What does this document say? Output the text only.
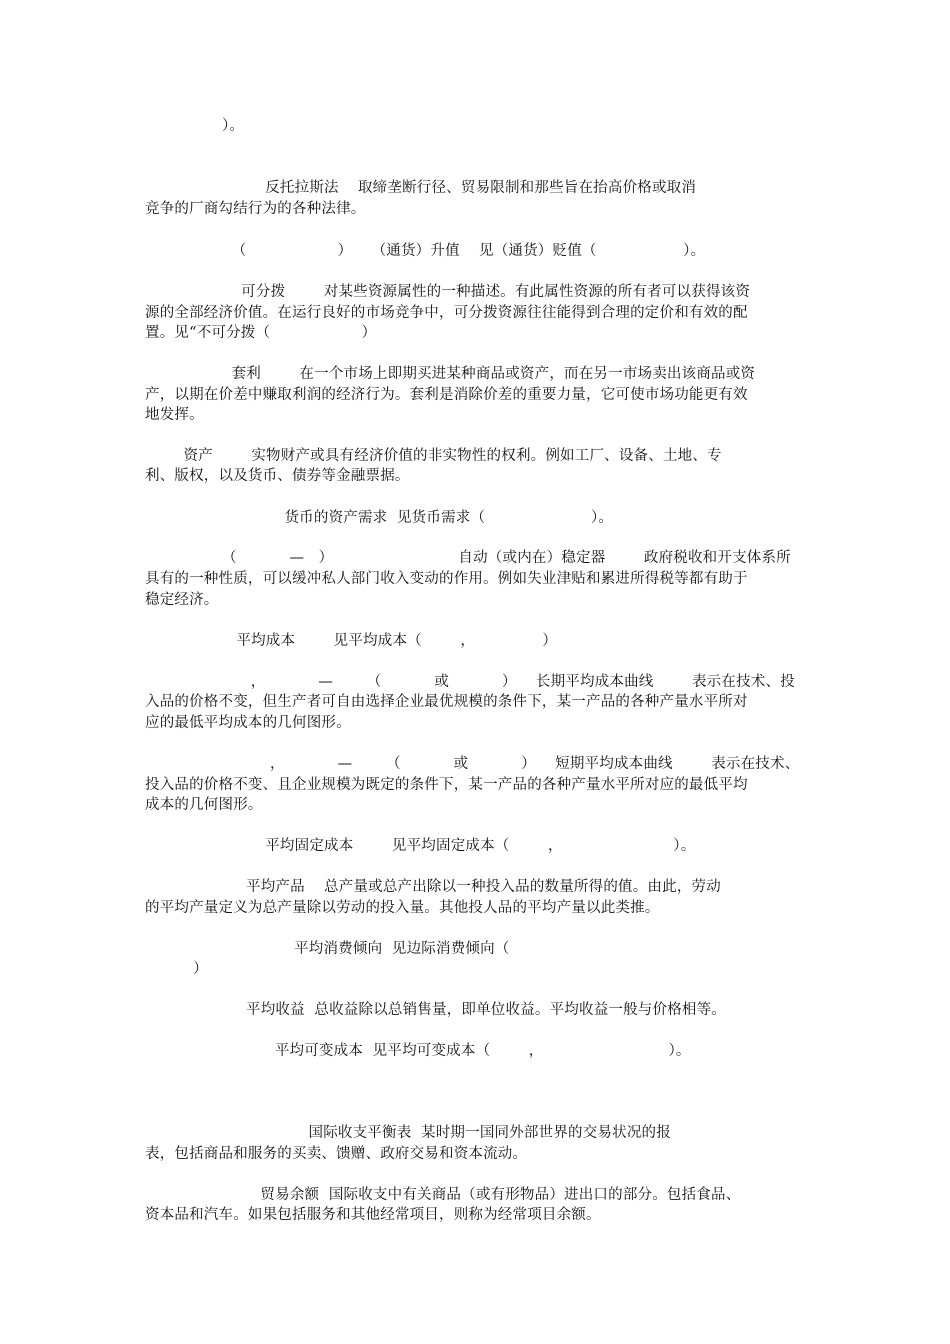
）。
反托拉斯法    取缔垄断行径、贸易限制和那些旨在抬高价格或取消
竞争的厂商勾结行为的各种法律。
（                   ）    （通货）升值    见（通货）贬值（                  ）。
可分拨        对某些资源属性的一种描述。有此属性资源的所有者可以获得该资
源的全部经济价值。在运行良好的市场竞争中，可分拨资源往往能得到合理的定价和有效的配
置。见“不可分拨（                   ）
套利        在一个市场上即期买进某种商品或资产，而在另一市场卖出该商品或资
产，以期在价差中赚取利润的经济行为。套利是消除价差的重要力量，它可使市场功能更有效
地发挥。
资产        实物财产或具有经济价值的非实物性的权利。例如工厂、设备、土地、专
利、版权，以及货币、债券等金融票据。
货币的资产需求  见货币需求（                      ）。
（           —   ）                          自动（或内在）稳定器        政府税收和开支体系所
具有的一种性质，可以缓冲私人部门收入变动的作用。例如失业津贴和累进所得税等都有助于
稳定经济。
平均成本        见平均成本（        ，              ）
，           —       （           或           ）    长期平均成本曲线        表示在技术、投
入品的价格不变，但生产者可自由选择企业最优规模的条件下，某一产品的各种产量水平所对
应的最低平均成本的几何图形。
，           —       （           或           ）    短期平均成本曲线        表示在技术、
投入品的价格不变、且企业规模为既定的条件下，某一产品的各种产量水平所对应的最低平均
成本的几何图形。
平均固定成本        见平均固定成本（        ，                       ）。
平均产品    总产量或总产出除以一种投入品的数量所得的值。由此，劳动
的平均产量定义为总产量除以劳动的投入量。其他投人品的平均产量以此类推。
平均消费倾向  见边际消费倾向（
）
平均收益  总收益除以总销售量，即单位收益。平均收益一般与价格相等。
平均可变成本  见平均可变成本（        ，                          ）。
国际收支平衡表  某时期一国同外部世界的交易状况的报
表，包括商品和服务的买卖、馈赠、政府交易和资本流动。
贸易余额  国际收支中有关商品（或有形物品）进出口的部分。包括食品、
资本品和汽车。如果包括服务和其他经常项目，则称为经常项目余额。
